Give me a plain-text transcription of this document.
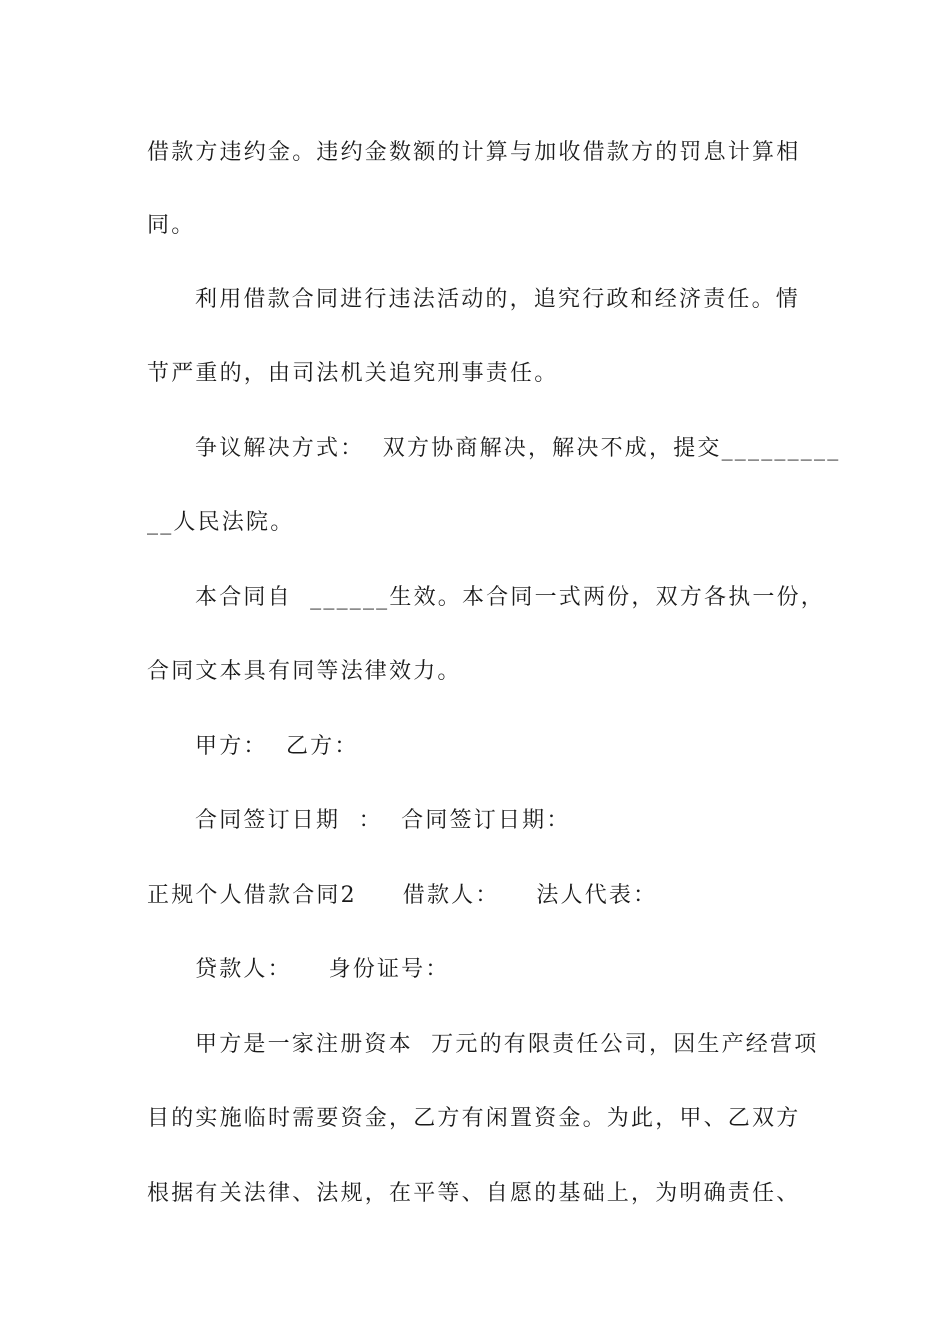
借款方违约金。违约金数额的计算与加收借款方的罚息计算相
同。
利用借款合同进行违法活动的，追究行政和经济责任。情
节严重的，由司法机关追究刑事责任。
争议解决方式：  双方协商解决，解决不成，提交_________
__人民法院。
本合同自  ______生效。本合同一式两份，双方各执一份，
合同文本具有同等法律效力。
甲方：  乙方：
合同签订日期  ：  合同签订日期：
正规个人借款合同2     借款人：    法人代表：
贷款人：    身份证号：
甲方是一家注册资本  万元的有限责任公司，因生产经营项
目的实施临时需要资金，乙方有闲置资金。为此，甲、乙双方
根据有关法律、法规，在平等、自愿的基础上，为明确责任、
